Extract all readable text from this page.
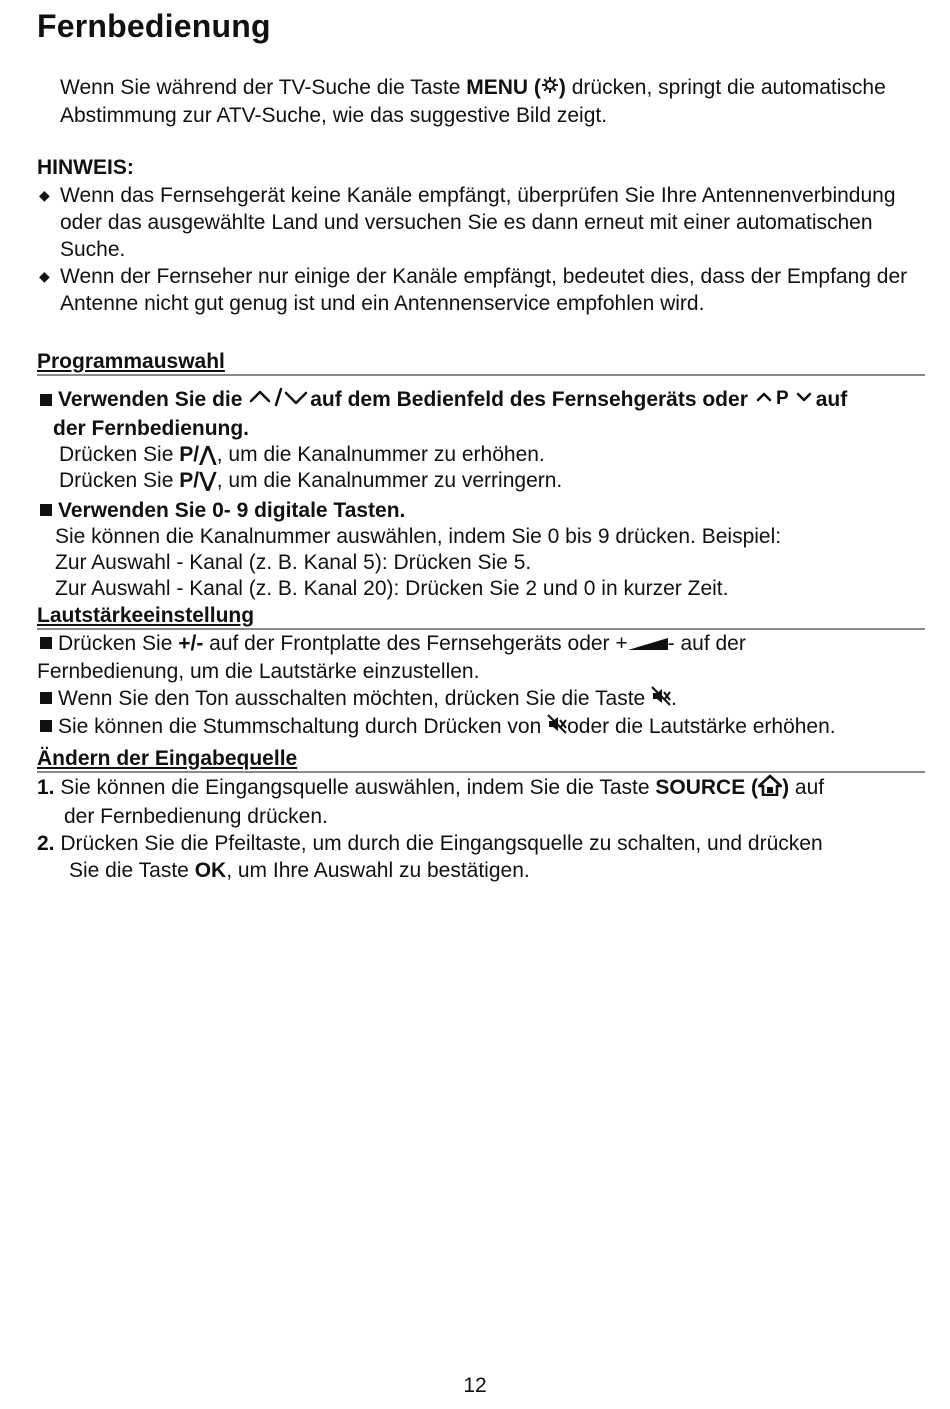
Fernbedienung
Wenn Sie während der TV-Suche die Taste MENU ( ) drücken, springt die automatische Abstimmung zur ATV-Suche, wie das suggestive Bild zeigt.
HINWEIS:

◆ Wenn das Fernsehgerät keine Kanäle empfängt, überprüfen Sie Ihre Antennenverbindung oder das ausgewählte Land und versuchen Sie es dann erneut mit einer automatischen Suche.

◆ Wenn der Fernseher nur einige der Kanäle empfängt, bedeutet dies, dass der Empfang der Antenne nicht gut genug ist und ein Antennenservice empfohlen wird.

Programmauswahl
Verwenden Sie die	auf dem Bedienfeld des Fernsehgeräts oder P auf
der Fernbedienung.
Drücken Sie P/⋀, um die Kanalnummer zu erhöhen.
Drücken Sie P/⋁, um die Kanalnummer zu verringern.
Verwenden Sie 0- 9 digitale Tasten.
Sie können die Kanalnummer auswählen, indem Sie 0 bis 9 drücken. Beispiel:
Zur Auswahl - Kanal (z. B. Kanal 5): Drücken Sie 5.
Zur Auswahl - Kanal (z. B. Kanal 20): Drücken Sie 2 und 0 in kurzer Zeit.
Lautstärkeeinstellung
Drücken Sie +/- auf der Frontplatte des Fernsehgeräts oder + - auf der
Fernbedienung, um die Lautstärke einzustellen.
Wenn Sie den Ton ausschalten möchten, drücken Sie die Taste .
Sie können die Stummschaltung durch Drücken von oder die Lautstärke erhöhen.
Ändern der Eingabequelle
1. Sie können die Eingangsquelle auswählen, indem Sie die Taste SOURCE ( ) auf
der Fernbedienung drücken.
2. Drücken Sie die Pfeiltaste, um durch die Eingangsquelle zu schalten, und drücken
Sie die Taste OK, um Ihre Auswahl zu bestätigen.
12
